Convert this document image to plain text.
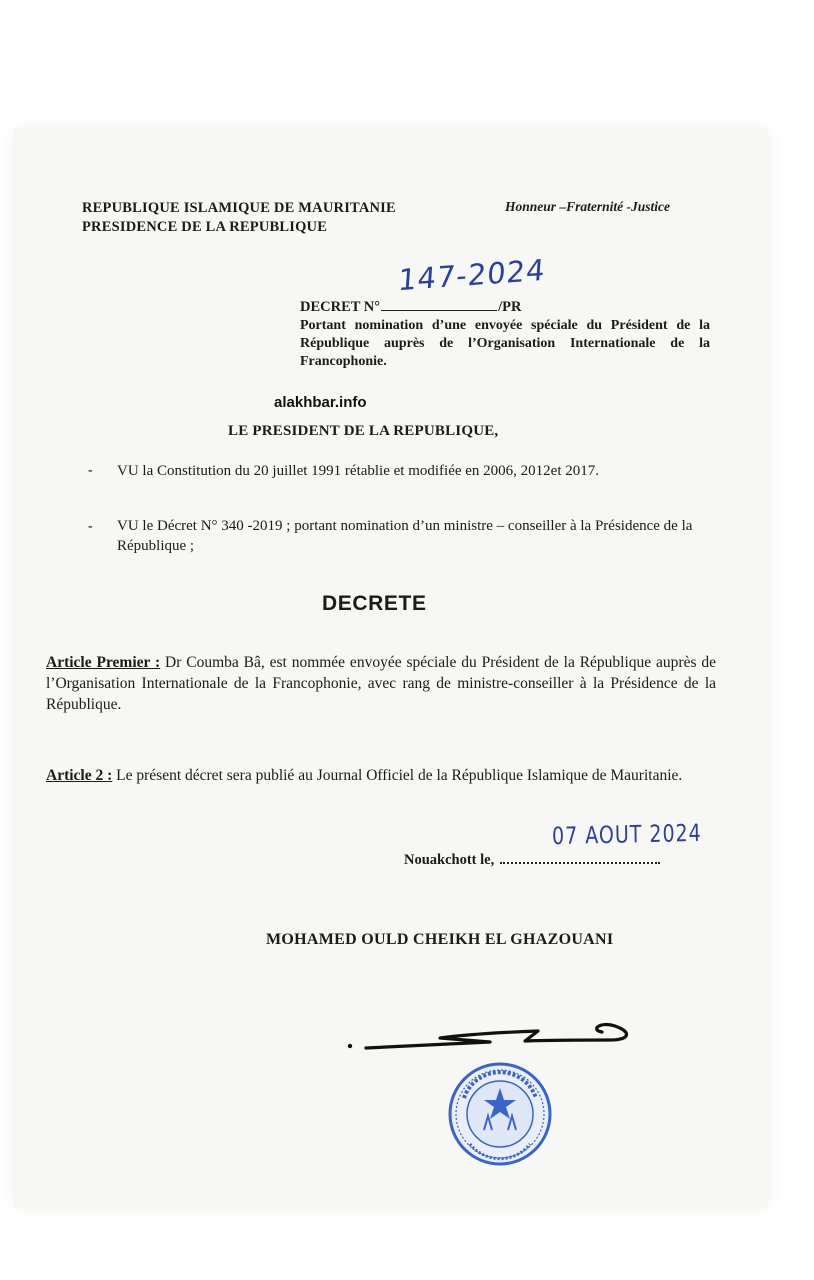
REPUBLIQUE ISLAMIQUE DE MAURITANIE
PRESIDENCE DE LA REPUBLIQUE
Honneur –Fraternité -Justice
147-2024
DECRET N°	/PR
Portant nomination d’une envoyée spéciale du Président de la République auprès de l’Organisation Internationale de la Francophonie.
alakhbar.info
LE PRESIDENT DE LA REPUBLIQUE,
- VU la Constitution du 20 juillet 1991 rétablie et modifiée en 2006, 2012et 2017.
- VU le Décret N° 340 -2019 ; portant nomination d’un ministre – conseiller à la Présidence de la République ;
DECRETE
Article Premier : Dr Coumba Bâ, est nommée envoyée spéciale du Président de la République auprès de l’Organisation Internationale de la Francophonie, avec rang de ministre-conseiller à la Présidence de la République.
Article 2 : Le présent décret sera publié au Journal Officiel de la République Islamique de Mauritanie.
07 AOUT 2024
Nouakchott le,
MOHAMED OULD CHEIKH EL GHAZOUANI
